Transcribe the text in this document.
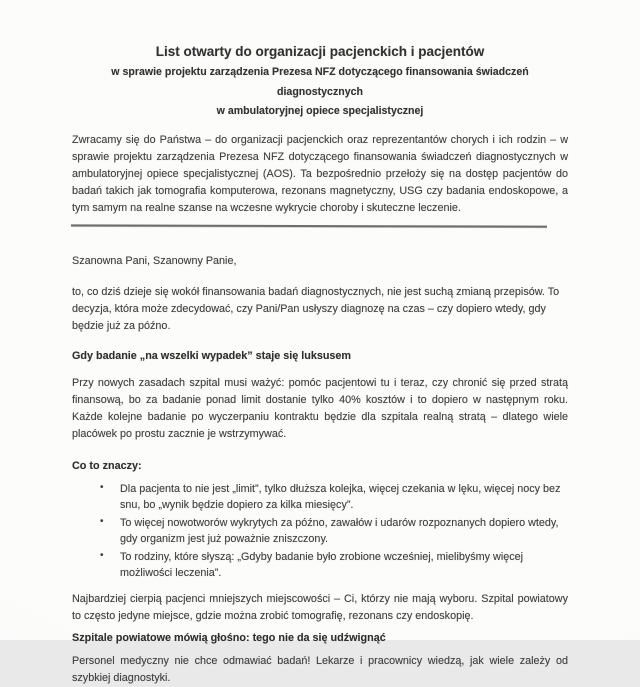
List otwarty do organizacji pacjenckich i pacjentów
w sprawie projektu zarządzenia Prezesa NFZ dotyczącego finansowania świadczeń diagnostycznych
w ambulatoryjnej opiece specjalistycznej

Zwracamy się do Państwa – do organizacji pacjenckich oraz reprezentantów chorych i ich rodzin – w sprawie projektu zarządzenia Prezesa NFZ dotyczącego finansowania świadczeń diagnostycznych w ambulatoryjnej opiece specjalistycznej (AOS). Ta bezpośrednio przełoży się na dostęp pacjentów do badań takich jak tomografia komputerowa, rezonans magnetyczny, USG czy badania endoskopowe, a tym samym na realne szanse na wczesne wykrycie choroby i skuteczne leczenie.

Szanowna Pani, Szanowny Panie,

to, co dziś dzieje się wokół finansowania badań diagnostycznych, nie jest suchą zmianą przepisów. To decyzja, która może zdecydować, czy Pani/Pan usłyszy diagnozę na czas – czy dopiero wtedy, gdy będzie już za późno.

Gdy badanie „na wszelki wypadek” staje się luksusem

Przy nowych zasadach szpital musi ważyć: pomóc pacjentowi tu i teraz, czy chronić się przed stratą finansową, bo za badanie ponad limit dostanie tylko 40% kosztów i to dopiero w następnym roku. Każde kolejne badanie po wyczerpaniu kontraktu będzie dla szpitala realną stratą – dlatego wiele placówek po prostu zacznie je wstrzymywać.

Co to znaczy:
• Dla pacjenta to nie jest „limit”, tylko dłuższa kolejka, więcej czekania w lęku, więcej nocy bez snu, bo „wynik będzie dopiero za kilka miesięcy”.
• To więcej nowotworów wykrytych za późno, zawałów i udarów rozpoznanych dopiero wtedy, gdy organizm jest już poważnie zniszczony.
• To rodziny, które słyszą: „Gdyby badanie było zrobione wcześniej, mielibyśmy więcej możliwości leczenia”.

Najbardziej cierpią pacjenci mniejszych miejscowości – Ci, którzy nie mają wyboru. Szpital powiatowy to często jedyne miejsce, gdzie można zrobić tomografię, rezonans czy endoskopię.

Szpitale powiatowe mówią głośno: tego nie da się udźwignąć

Personel medyczny nie chce odmawiać badań! Lekarze i pracownicy wiedzą, jak wiele zależy od szybkiej diagnostyki.
